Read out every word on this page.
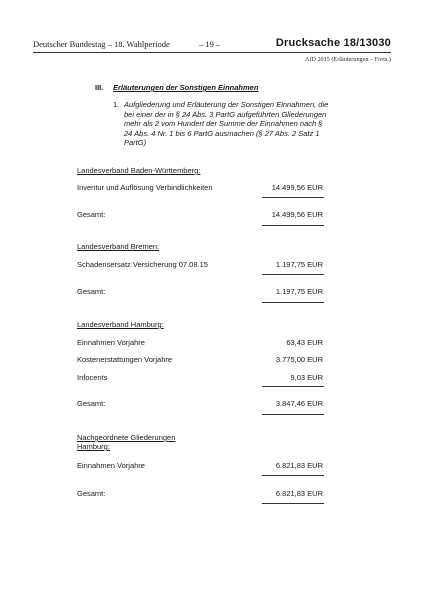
Deutscher Bundestag – 18. Wahlperiode	– 19 –	Drucksache 18/13030
AfD 2015 (Erläuterungen – Forts.)
III. Erläuterungen der Sonstigen Einnahmen
1. Aufgliederung und Erläuterung der Sonstigen Einnahmen, die
bei einer der in § 24 Abs. 3 PartG aufgeführten Gliederungen
mehr als 2 vom Hundert der Summe der Einnahmen nach §
24 Abs. 4 Nr. 1 bis 6 PartG ausmachen (§ 27 Abs. 2 Satz 1
PartG)
Landesverband Baden-Württemberg:
Inventur und Auflösung Verbindlichkeiten	14.499,56 EUR
Gesamt:	14.499,56 EUR
Landesverband Bremen:
Schadensersatz Versicherung 07.08.15	1.197,75 EUR
Gesamt:	1.197,75 EUR
Landesverband Hamburg:
Einnahmen Vorjahre	63,43 EUR
Kostenerstattungen Vorjahre	3.775,00 EUR
Infocents	9,03 EUR
Gesamt:	3.847,46 EUR
Nachgeordnete Gliederungen
Hamburg:
Einnahmen Vorjahre	6.821,83 EUR
Gesamt:	6.821,83 EUR
